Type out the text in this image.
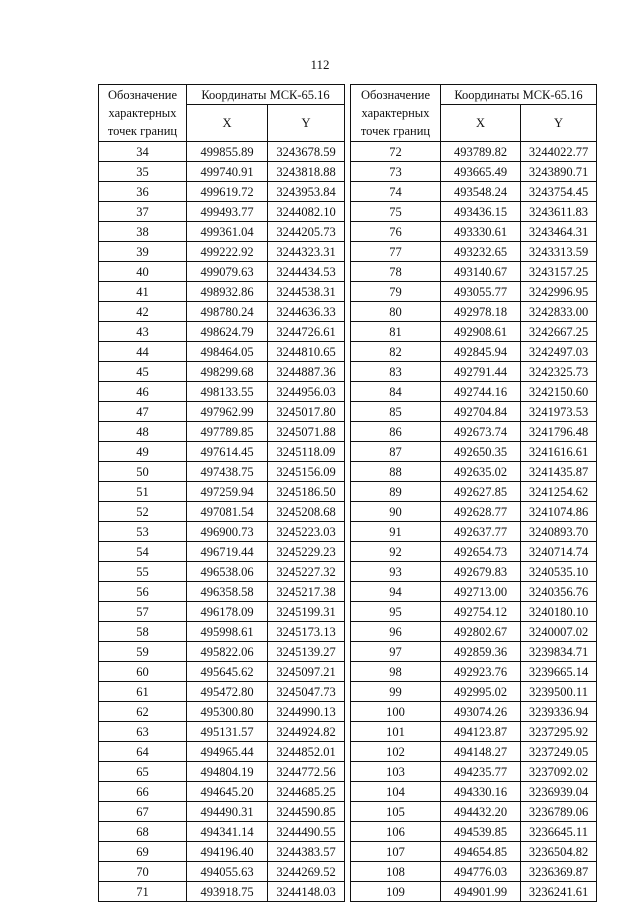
112
Обозначение
характерных
точек границ	Координаты МСК-65.16	
	X	Y
34	499855.89	3243678.59
35	499740.91	3243818.88
36	499619.72	3243953.84
37	499493.77	3244082.10
38	499361.04	3244205.73
39	499222.92	3244323.31
40	499079.63	3244434.53
41	498932.86	3244538.31
42	498780.24	3244636.33
43	498624.79	3244726.61
44	498464.05	3244810.65
45	498299.68	3244887.36
46	498133.55	3244956.03
47	497962.99	3245017.80
48	497789.85	3245071.88
49	497614.45	3245118.09
50	497438.75	3245156.09
51	497259.94	3245186.50
52	497081.54	3245208.68
53	496900.73	3245223.03
54	496719.44	3245229.23
55	496538.06	3245227.32
56	496358.58	3245217.38
57	496178.09	3245199.31
58	495998.61	3245173.13
59	495822.06	3245139.27
60	495645.62	3245097.21
61	495472.80	3245047.73
62	495300.80	3244990.13
63	495131.57	3244924.82
64	494965.44	3244852.01
65	494804.19	3244772.56
66	494645.20	3244685.25
67	494490.31	3244590.85
68	494341.14	3244490.55
69	494196.40	3244383.57
70	494055.63	3244269.52
71	493918.75	3244148.03
Обозначение
характерных
точек границ	Координаты МСК-65.16	
	X	Y
72	493789.82	3244022.77
73	493665.49	3243890.71
74	493548.24	3243754.45
75	493436.15	3243611.83
76	493330.61	3243464.31
77	493232.65	3243313.59
78	493140.67	3243157.25
79	493055.77	3242996.95
80	492978.18	3242833.00
81	492908.61	3242667.25
82	492845.94	3242497.03
83	492791.44	3242325.73
84	492744.16	3242150.60
85	492704.84	3241973.53
86	492673.74	3241796.48
87	492650.35	3241616.61
88	492635.02	3241435.87
89	492627.85	3241254.62
90	492628.77	3241074.86
91	492637.77	3240893.70
92	492654.73	3240714.74
93	492679.83	3240535.10
94	492713.00	3240356.76
95	492754.12	3240180.10
96	492802.67	3240007.02
97	492859.36	3239834.71
98	492923.76	3239665.14
99	492995.02	3239500.11
100	493074.26	3239336.94
101	494123.87	3237295.92
102	494148.27	3237249.05
103	494235.77	3237092.02
104	494330.16	3236939.04
105	494432.20	3236789.06
106	494539.85	3236645.11
107	494654.85	3236504.82
108	494776.03	3236369.87
109	494901.99	3236241.61
